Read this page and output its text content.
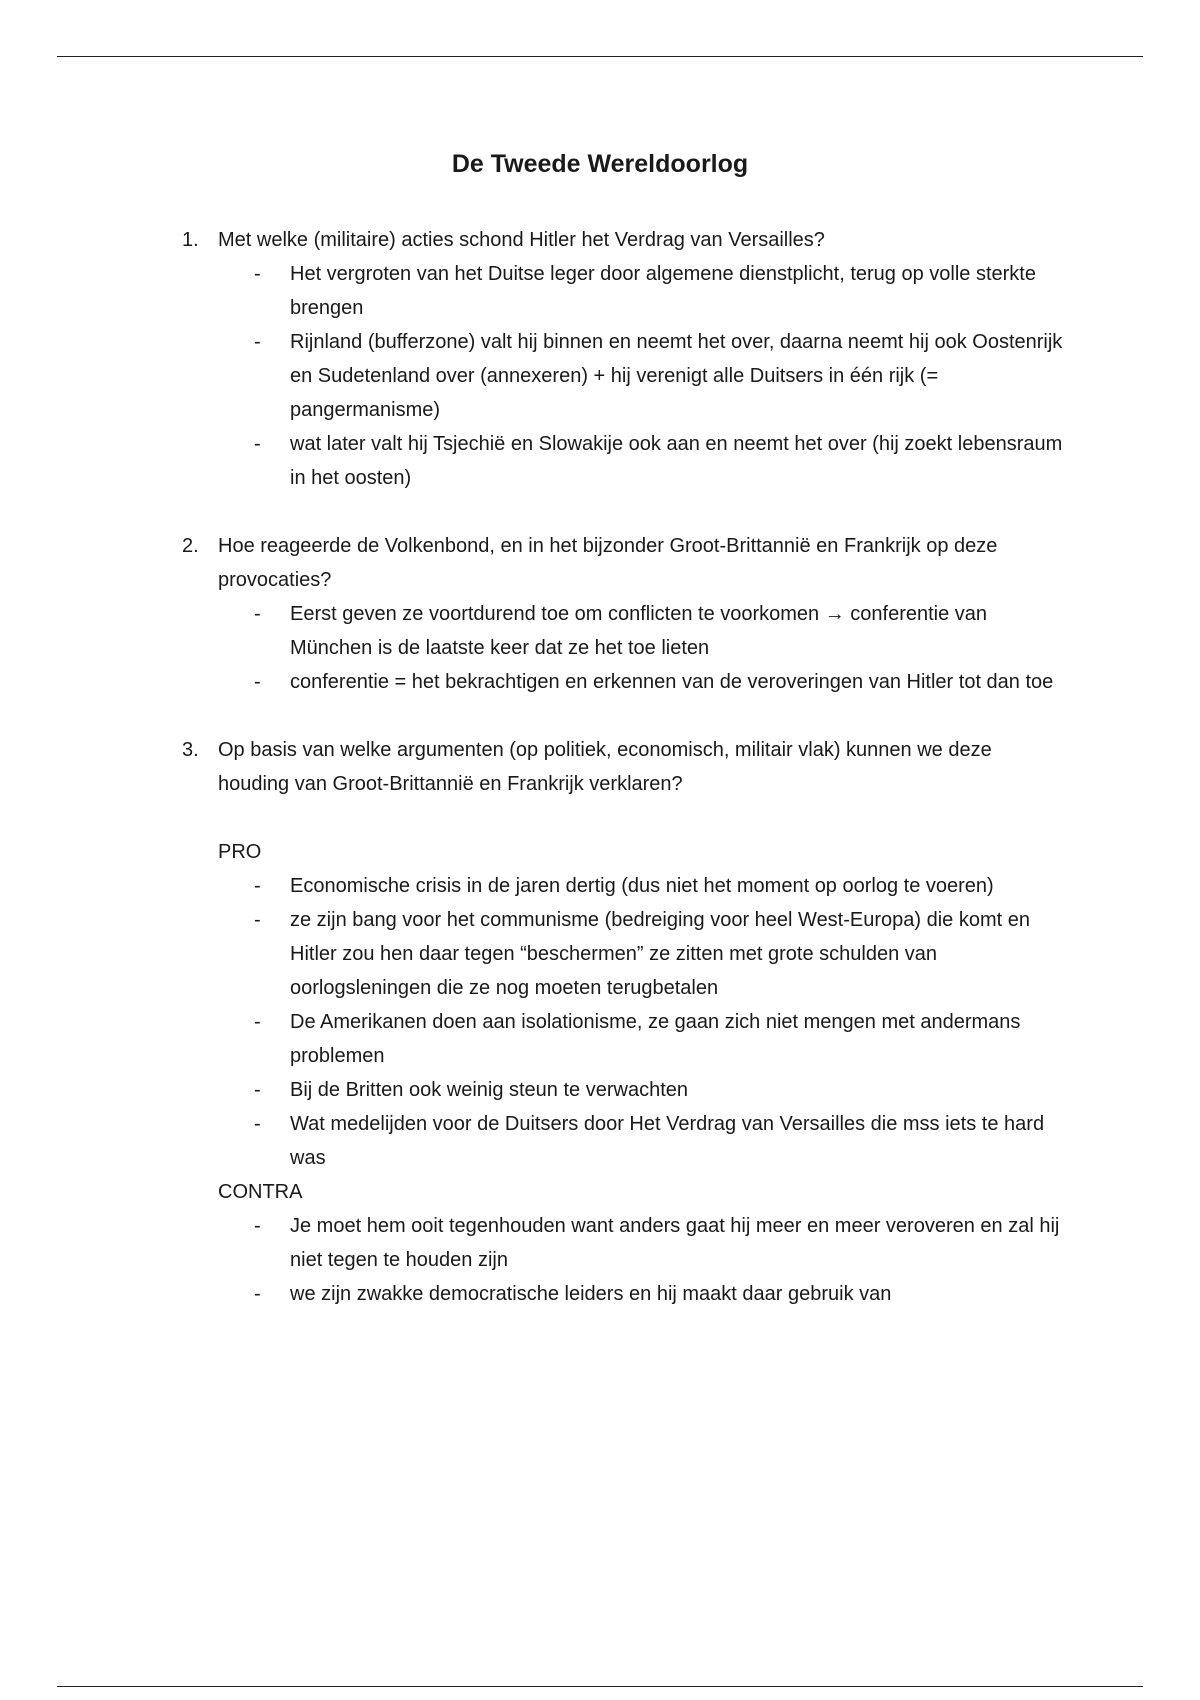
De Tweede Wereldoorlog
1. Met welke (militaire) acties schond Hitler het Verdrag van Versailles?
- Het vergroten van het Duitse leger door algemene dienstplicht, terug op volle sterkte brengen
- Rijnland (bufferzone) valt hij binnen en neemt het over, daarna neemt hij ook Oostenrijk en Sudetenland over (annexeren) + hij verenigt alle Duitsers in één rijk (= pangermanisme)
- wat later valt hij Tsjechië en Slowakije ook aan en neemt het over (hij zoekt lebensraum in het oosten)
2. Hoe reageerde de Volkenbond, en in het bijzonder Groot-Brittannië en Frankrijk op deze provocaties?
- Eerst geven ze voortdurend toe om conflicten te voorkomen → conferentie van München is de laatste keer dat ze het toe lieten
- conferentie = het bekrachtigen en erkennen van de veroveringen van Hitler tot dan toe
3. Op basis van welke argumenten (op politiek, economisch, militair vlak) kunnen we deze houding van Groot-Brittannië en Frankrijk verklaren?
PRO
- Economische crisis in de jaren dertig (dus niet het moment op oorlog te voeren)
- ze zijn bang voor het communisme (bedreiging voor heel West-Europa) die komt en Hitler zou hen daar tegen “beschermen” ze zitten met grote schulden van oorlogsleningen die ze nog moeten terugbetalen
- De Amerikanen doen aan isolationisme, ze gaan zich niet mengen met andermans problemen
- Bij de Britten ook weinig steun te verwachten
- Wat medelijden voor de Duitsers door Het Verdrag van Versailles die mss iets te hard was
CONTRA
- Je moet hem ooit tegenhouden want anders gaat hij meer en meer veroveren en zal hij niet tegen te houden zijn
- we zijn zwakke democratische leiders en hij maakt daar gebruik van
